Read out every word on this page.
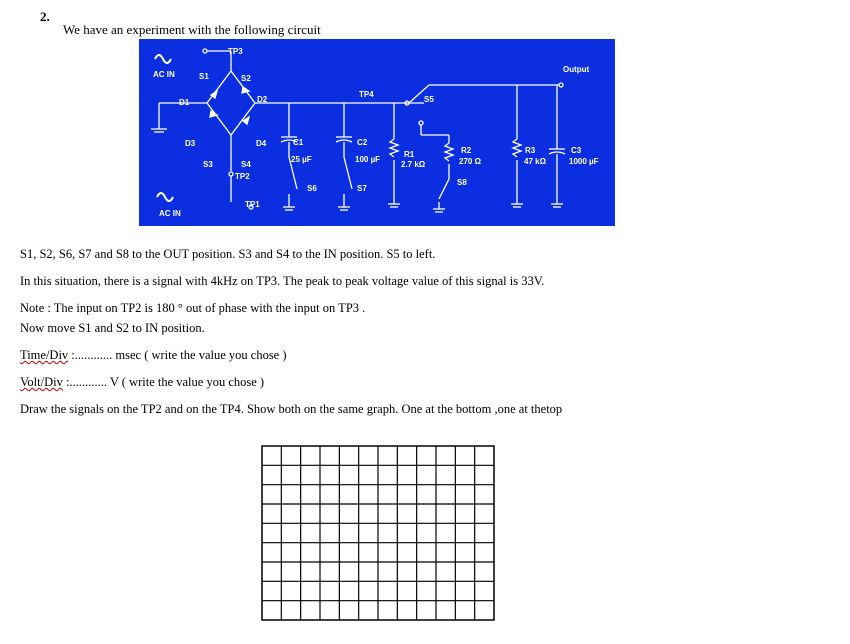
2.
We have an experiment with the following circuit
TP3
AC IN	S1	S2
D1	D2
D3	D4
S3	S4
TP2
TP1
AC IN
C1
25 µF
S6
C2
100 µF
S7
TP4
S5
R1
2.7 kΩ
R2
270 Ω
S8
R3
47 kΩ
C3
1000 µF
Output
S1, S2, S6, S7 and S8 to the OUT position. S3 and S4 to the IN position. S5 to left.
In this situation, there is a signal with 4kHz on TP3. The peak to peak voltage value of this signal is 33V.
Note : The input on TP2 is 180 ° out of phase with the input on TP3 .
Now move S1 and S2 to IN position.
Time/Div :............ msec ( write the value you chose )
Volt/Div :............ V ( write the value you chose )
Draw the signals on the TP2 and on the TP4. Show both on the same graph. One at the bottom ,one at thetop
